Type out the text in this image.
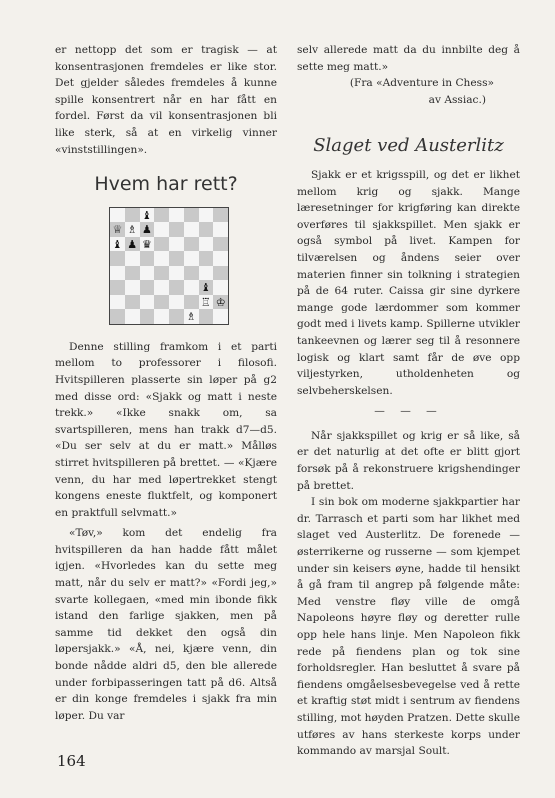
er nettopp det som er tragisk — at konsentrasjonen fremdeles er like stor. Det gjelder således fremdeles å kunne spille konsentrert når en har fått en fordel. Først da vil konsentrasjonen bli like sterk, så at en virkelig vinner «vinststillingen».

Hvem har rett?
♝
♕ ♗ ♟
♝ ♟ ♛
♝
♖ ♔
♗

Denne stilling framkom i et parti mellom to professorer i filosofi. Hvitspilleren plasserte sin løper på g2 med disse ord: «Sjakk og matt i neste trekk.» «Ikke snakk om, sa svartspilleren, mens han trakk d7—d5. «Du ser selv at du er matt.» Målløs stirret hvitspilleren på brettet. — «Kjære venn, du har med løpertrekket stengt kongens eneste fluktfelt, og komponert en praktfull selvmatt.»

«Tøv,» kom det endelig fra hvitspilleren da han hadde fått målet igjen. «Hvorledes kan du sette meg matt, når du selv er matt?» «Fordi jeg,» svarte kollegaen, «med min ibonde fikk istand den farlige sjakken, men på samme tid dekket den også din løpersjakk.» «Å, nei, kjære venn, din bonde nådde aldri d5, den ble allerede under forbipasseringen tatt på d6. Altså er din konge fremdeles i sjakk fra min løper. Du var

selv allerede matt da du innbilte deg å sette meg matt.»

(Fra «Adventure in Chess»
av Assiac.)
Slaget ved Austerlitz

Sjakk er et krigsspill, og det er likhet mellom krig og sjakk. Mange læresetninger for krigføring kan direkte overføres til sjakkspillet. Men sjakk er også symbol på livet. Kampen for tilværelsen og åndens seier over materien finner sin tolkning i strategien på de 64 ruter. Caissa gir sine dyrkere mange gode lærdommer som kommer godt med i livets kamp. Spillerne utvikler tankeevnen og lærer seg til å resonnere logisk og klart samt får de øve opp viljestyrken, utholdenheten og selvbeherskelsen.

— — —

Når sjakkspillet og krig er så like, så er det naturlig at det ofte er blitt gjort forsøk på å rekonstruere krigshendinger på brettet.

I sin bok om moderne sjakkpartier har dr. Tarrasch et parti som har likhet med slaget ved Austerlitz. De forenede — østerrikerne og russerne — som kjempet under sin keisers øyne, hadde til hensikt å gå fram til angrep på følgende måte: Med venstre fløy ville de omgå Napoleons høyre fløy og deretter rulle opp hele hans linje. Men Napoleon fikk rede på fiendens plan og tok sine forholdsregler. Han besluttet å svare på fiendens omgåelsesbevegelse ved å rette et kraftig støt midt i sentrum av fiendens stilling, mot høyden Pratzen. Dette skulle utføres av hans sterkeste korps under kommando av marsjal Soult.

164
